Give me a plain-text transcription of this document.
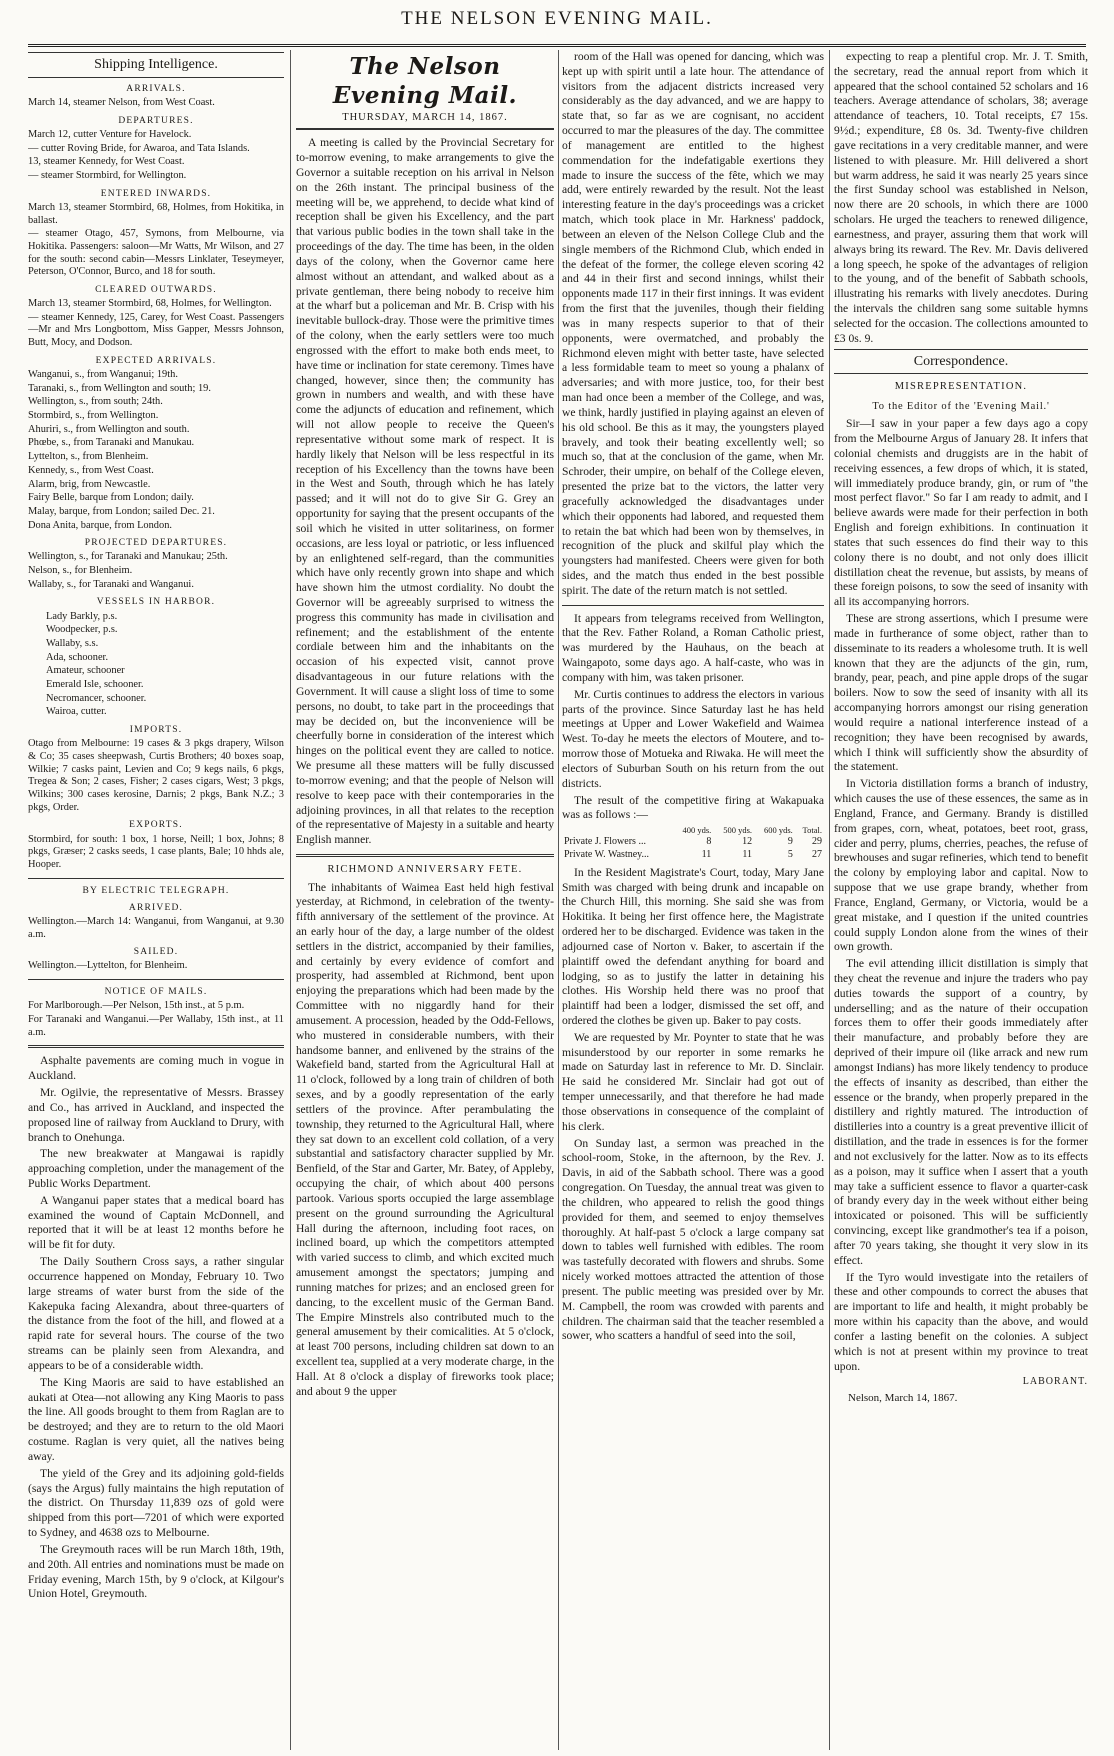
THE NELSON EVENING MAIL.
Shipping Intelligence.
ARRIVALS.

March 14, steamer Nelson, from West Coast.

DEPARTURES.

March 12, cutter Venture for Havelock.

— cutter Roving Bride, for Awaroa, and Tata Islands.

13, steamer Kennedy, for West Coast.

— steamer Stormbird, for Wellington.

ENTERED INWARDS.

March 13, steamer Stormbird, 68, Holmes, from Hokitika, in ballast.

— steamer Otago, 457, Symons, from Melbourne, via Hokitika. Passengers: saloon—Mr Watts, Mr Wilson, and 27 for the south: second cabin—Messrs Linklater, Teseymeyer, Peterson, O'Connor, Burco, and 18 for south.

CLEARED OUTWARDS.

March 13, steamer Stormbird, 68, Holmes, for Wellington.

— steamer Kennedy, 125, Carey, for West Coast. Passengers—Mr and Mrs Longbottom, Miss Gapper, Messrs Johnson, Butt, Mocy, and Dodson.

EXPECTED ARRIVALS.

Wanganui, s., from Wanganui; 19th.

Taranaki, s., from Wellington and south; 19.

Wellington, s., from south; 24th.

Stormbird, s., from Wellington.

Ahuriri, s., from Wellington and south.

Phœbe, s., from Taranaki and Manukau.

Lyttelton, s., from Blenheim.

Kennedy, s., from West Coast.

Alarm, brig, from Newcastle.

Fairy Belle, barque from London; daily.

Malay, barque, from London; sailed Dec. 21.

Dona Anita, barque, from London.

PROJECTED DEPARTURES.

Wellington, s., for Taranaki and Manukau; 25th.

Nelson, s., for Blenheim.

Wallaby, s., for Taranaki and Wanganui.

VESSELS IN HARBOR.

Lady Barkly, p.s.

Woodpecker, p.s.

Wallaby, s.s.

Ada, schooner.

Amateur, schooner

Emerald Isle, schooner.

Necromancer, schooner.

Wairoa, cutter.

IMPORTS.
Otago from Melbourne: 19 cases & 3 pkgs drapery, Wilson & Co; 35 cases sheepwash, Curtis Brothers; 40 boxes soap, Wilkie; 7 casks paint, Levien and Co; 9 kegs nails, 6 pkgs, Tregea & Son; 2 cases, Fisher; 2 cases cigars, West; 3 pkgs, Wilkins; 300 cases kerosine, Darnis; 2 pkgs, Bank N.Z.; 3 pkgs, Order.
EXPORTS.
Stormbird, for south: 1 box, 1 horse, Neill; 1 box, Johns; 8 pkgs, Græser; 2 casks seeds, 1 case plants, Bale; 10 hhds ale, Hooper.
BY ELECTRIC TELEGRAPH.
ARRIVED.
Wellington.—March 14: Wanganui, from Wanganui, at 9.30 a.m.
SAILED.
Wellington.—Lyttelton, for Blenheim.
NOTICE OF MAILS.

For Marlborough.—Per Nelson, 15th inst., at 5 p.m.

For Taranaki and Wanganui.—Per Wallaby, 15th inst., at 11 a.m.

Asphalte pavements are coming much in vogue in Auckland.

Mr. Ogilvie, the representative of Messrs. Brassey and Co., has arrived in Auckland, and inspected the proposed line of railway from Auckland to Drury, with branch to Onehunga.

The new breakwater at Mangawai is rapidly approaching completion, under the management of the Public Works Department.

A Wanganui paper states that a medical board has examined the wound of Captain McDonnell, and reported that it will be at least 12 months before he will be fit for duty.

The Daily Southern Cross says, a rather singular occurrence happened on Monday, February 10. Two large streams of water burst from the side of the Kakepuka facing Alexandra, about three-quarters of the distance from the foot of the hill, and flowed at a rapid rate for several hours. The course of the two streams can be plainly seen from Alexandra, and appears to be of a considerable width.

The King Maoris are said to have established an aukati at Otea—not allowing any King Maoris to pass the line. All goods brought to them from Raglan are to be destroyed; and they are to return to the old Maori costume. Raglan is very quiet, all the natives being away.

The yield of the Grey and its adjoining gold-fields (says the Argus) fully maintains the high reputation of the district. On Thursday 11,839 ozs of gold were shipped from this port—7201 of which were exported to Sydney, and 4638 ozs to Melbourne.

The Greymouth races will be run March 18th, 19th, and 20th. All entries and nominations must be made on Friday evening, March 15th, by 9 o'clock, at Kilgour's Union Hotel, Greymouth.

The Nelson Evening Mail.
THURSDAY, MARCH 14, 1867.

A meeting is called by the Provincial Secretary for to-morrow evening, to make arrangements to give the Governor a suitable reception on his arrival in Nelson on the 26th instant. The principal business of the meeting will be, we apprehend, to decide what kind of reception shall be given his Excellency, and the part that various public bodies in the town shall take in the proceedings of the day. The time has been, in the olden days of the colony, when the Governor came here almost without an attendant, and walked about as a private gentleman, there being nobody to receive him at the wharf but a policeman and Mr. B. Crisp with his inevitable bullock-dray. Those were the primitive times of the colony, when the early settlers were too much engrossed with the effort to make both ends meet, to have time or inclination for state ceremony. Times have changed, however, since then; the community has grown in numbers and wealth, and with these have come the adjuncts of education and refinement, which will not allow people to receive the Queen's representative without some mark of respect. It is hardly likely that Nelson will be less respectful in its reception of his Excellency than the towns have been in the West and South, through which he has lately passed; and it will not do to give Sir G. Grey an opportunity for saying that the present occupants of the soil which he visited in utter solitariness, on former occasions, are less loyal or patriotic, or less influenced by an enlightened self-regard, than the communities which have only recently grown into shape and which have shown him the utmost cordiality. No doubt the Governor will be agreeably surprised to witness the progress this community has made in civilisation and refinement; and the establishment of the entente cordiale between him and the inhabitants on the occasion of his expected visit, cannot prove disadvantageous in our future relations with the Government. It will cause a slight loss of time to some persons, no doubt, to take part in the proceedings that may be decided on, but the inconvenience will be cheerfully borne in consideration of the interest which hinges on the political event they are called to notice. We presume all these matters will be fully discussed to-morrow evening; and that the people of Nelson will resolve to keep pace with their contemporaries in the adjoining provinces, in all that relates to the reception of the representative of Majesty in a suitable and hearty English manner.

RICHMOND ANNIVERSARY FETE.

The inhabitants of Waimea East held high festival yesterday, at Richmond, in celebration of the twenty-fifth anniversary of the settlement of the province. At an early hour of the day, a large number of the oldest settlers in the district, accompanied by their families, and certainly by every evidence of comfort and prosperity, had assembled at Richmond, bent upon enjoying the preparations which had been made by the Committee with no niggardly hand for their amusement. A procession, headed by the Odd-Fellows, who mustered in considerable numbers, with their handsome banner, and enlivened by the strains of the Wakefield band, started from the Agricultural Hall at 11 o'clock, followed by a long train of children of both sexes, and by a goodly representation of the early settlers of the province. After perambulating the township, they returned to the Agricultural Hall, where they sat down to an excellent cold collation, of a very substantial and satisfactory character supplied by Mr. Benfield, of the Star and Garter, Mr. Batey, of Appleby, occupying the chair, of which about 400 persons partook. Various sports occupied the large assemblage present on the ground surrounding the Agricultural Hall during the afternoon, including foot races, on inclined board, up which the competitors attempted with varied success to climb, and which excited much amusement amongst the spectators; jumping and running matches for prizes; and an enclosed green for dancing, to the excellent music of the German Band. The Empire Minstrels also contributed much to the general amusement by their comicalities. At 5 o'clock, at least 700 persons, including children sat down to an excellent tea, supplied at a very moderate charge, in the Hall. At 8 o'clock a display of fireworks took place; and about 9 the upper

room of the Hall was opened for dancing, which was kept up with spirit until a late hour. The attendance of visitors from the adjacent districts increased very considerably as the day advanced, and we are happy to state that, so far as we are cognisant, no accident occurred to mar the pleasures of the day. The committee of management are entitled to the highest commendation for the indefatigable exertions they made to insure the success of the fête, which we may add, were entirely rewarded by the result. Not the least interesting feature in the day's proceedings was a cricket match, which took place in Mr. Harkness' paddock, between an eleven of the Nelson College Club and the single members of the Richmond Club, which ended in the defeat of the former, the college eleven scoring 42 and 44 in their first and second innings, whilst their opponents made 117 in their first innings. It was evident from the first that the juveniles, though their fielding was in many respects superior to that of their opponents, were overmatched, and probably the Richmond eleven might with better taste, have selected a less formidable team to meet so young a phalanx of adversaries; and with more justice, too, for their best man had once been a member of the College, and was, we think, hardly justified in playing against an eleven of his old school. Be this as it may, the youngsters played bravely, and took their beating excellently well; so much so, that at the conclusion of the game, when Mr. Schroder, their umpire, on behalf of the College eleven, presented the prize bat to the victors, the latter very gracefully acknowledged the disadvantages under which their opponents had labored, and requested them to retain the bat which had been won by themselves, in recognition of the pluck and skilful play which the youngsters had manifested. Cheers were given for both sides, and the match thus ended in the best possible spirit. The date of the return match is not settled.

It appears from telegrams received from Wellington, that the Rev. Father Roland, a Roman Catholic priest, was murdered by the Hauhaus, on the beach at Waingapoto, some days ago. A half-caste, who was in company with him, was taken prisoner.

Mr. Curtis continues to address the electors in various parts of the province. Since Saturday last he has held meetings at Upper and Lower Wakefield and Waimea West. To-day he meets the electors of Moutere, and to-morrow those of Motueka and Riwaka. He will meet the electors of Suburban South on his return from the out districts.

The result of the competitive firing at Wakapuaka was as follows :—

	400 yds.	500 yds.	600 yds.	Total.
Private J. Flowers ...	8	12	9	29
Private W. Wastney...	11	11	5	27

In the Resident Magistrate's Court, today, Mary Jane Smith was charged with being drunk and incapable on the Church Hill, this morning. She said she was from Hokitika. It being her first offence here, the Magistrate ordered her to be discharged. Evidence was taken in the adjourned case of Norton v. Baker, to ascertain if the plaintiff owed the defendant anything for board and lodging, so as to justify the latter in detaining his clothes. His Worship held there was no proof that plaintiff had been a lodger, dismissed the set off, and ordered the clothes be given up. Baker to pay costs.

We are requested by Mr. Poynter to state that he was misunderstood by our reporter in some remarks he made on Saturday last in reference to Mr. D. Sinclair. He said he considered Mr. Sinclair had got out of temper unnecessarily, and that therefore he had made those observations in consequence of the complaint of his clerk.

On Sunday last, a sermon was preached in the school-room, Stoke, in the afternoon, by the Rev. J. Davis, in aid of the Sabbath school. There was a good congregation. On Tuesday, the annual treat was given to the children, who appeared to relish the good things provided for them, and seemed to enjoy themselves thoroughly. At half-past 5 o'clock a large company sat down to tables well furnished with edibles. The room was tastefully decorated with flowers and shrubs. Some nicely worked mottoes attracted the attention of those present. The public meeting was presided over by Mr. M. Campbell, the room was crowded with parents and children. The chairman said that the teacher resembled a sower, who scatters a handful of seed into the soil,

expecting to reap a plentiful crop. Mr. J. T. Smith, the secretary, read the annual report from which it appeared that the school contained 52 scholars and 16 teachers. Average attendance of scholars, 38; average attendance of teachers, 10. Total receipts, £7 15s. 9½d.; expenditure, £8 0s. 3d. Twenty-five children gave recitations in a very creditable manner, and were listened to with pleasure. Mr. Hill delivered a short but warm address, he said it was nearly 25 years since the first Sunday school was established in Nelson, now there are 20 schools, in which there are 1000 scholars. He urged the teachers to renewed diligence, earnestness, and prayer, assuring them that work will always bring its reward. The Rev. Mr. Davis delivered a long speech, he spoke of the advantages of religion to the young, and of the benefit of Sabbath schools, illustrating his remarks with lively anecdotes. During the intervals the children sang some suitable hymns selected for the occasion. The collections amounted to £3 0s. 9.

Correspondence.
MISREPRESENTATION.
To the Editor of the 'Evening Mail.'

Sir—I saw in your paper a few days ago a copy from the Melbourne Argus of January 28. It infers that colonial chemists and druggists are in the habit of receiving essences, a few drops of which, it is stated, will immediately produce brandy, gin, or rum of "the most perfect flavor." So far I am ready to admit, and I believe awards were made for their perfection in both English and foreign exhibitions. In continuation it states that such essences do find their way to this colony there is no doubt, and not only does illicit distillation cheat the revenue, but assists, by means of these foreign poisons, to sow the seed of insanity with all its accompanying horrors.

These are strong assertions, which I presume were made in furtherance of some object, rather than to disseminate to its readers a wholesome truth. It is well known that they are the adjuncts of the gin, rum, brandy, pear, peach, and pine apple drops of the sugar boilers. Now to sow the seed of insanity with all its accompanying horrors amongst our rising generation would require a national interference instead of a recognition; they have been recognised by awards, which I think will sufficiently show the absurdity of the statement.

In Victoria distillation forms a branch of industry, which causes the use of these essences, the same as in England, France, and Germany. Brandy is distilled from grapes, corn, wheat, potatoes, beet root, grass, cider and perry, plums, cherries, peaches, the refuse of brewhouses and sugar refineries, which tend to benefit the colony by employing labor and capital. Now to suppose that we use grape brandy, whether from France, England, Germany, or Victoria, would be a great mistake, and I question if the united countries could supply London alone from the wines of their own growth.

The evil attending illicit distillation is simply that they cheat the revenue and injure the traders who pay duties towards the support of a country, by underselling; and as the nature of their occupation forces them to offer their goods immediately after their manufacture, and probably before they are deprived of their impure oil (like arrack and new rum amongst Indians) has more likely tendency to produce the effects of insanity as described, than either the essence or the brandy, when properly prepared in the distillery and rightly matured. The introduction of distilleries into a country is a great preventive illicit of distillation, and the trade in essences is for the former and not exclusively for the latter. Now as to its effects as a poison, may it suffice when I assert that a youth may take a sufficient essence to flavor a quarter-cask of brandy every day in the week without either being intoxicated or poisoned. This will be sufficiently convincing, except like grandmother's tea if a poison, after 70 years taking, she thought it very slow in its effect.

If the Tyro would investigate into the retailers of these and other compounds to correct the abuses that are important to life and health, it might probably be more within his capacity than the above, and would confer a lasting benefit on the colonies. A subject which is not at present within my province to treat upon.

LABORANT.
Nelson, March 14, 1867.
